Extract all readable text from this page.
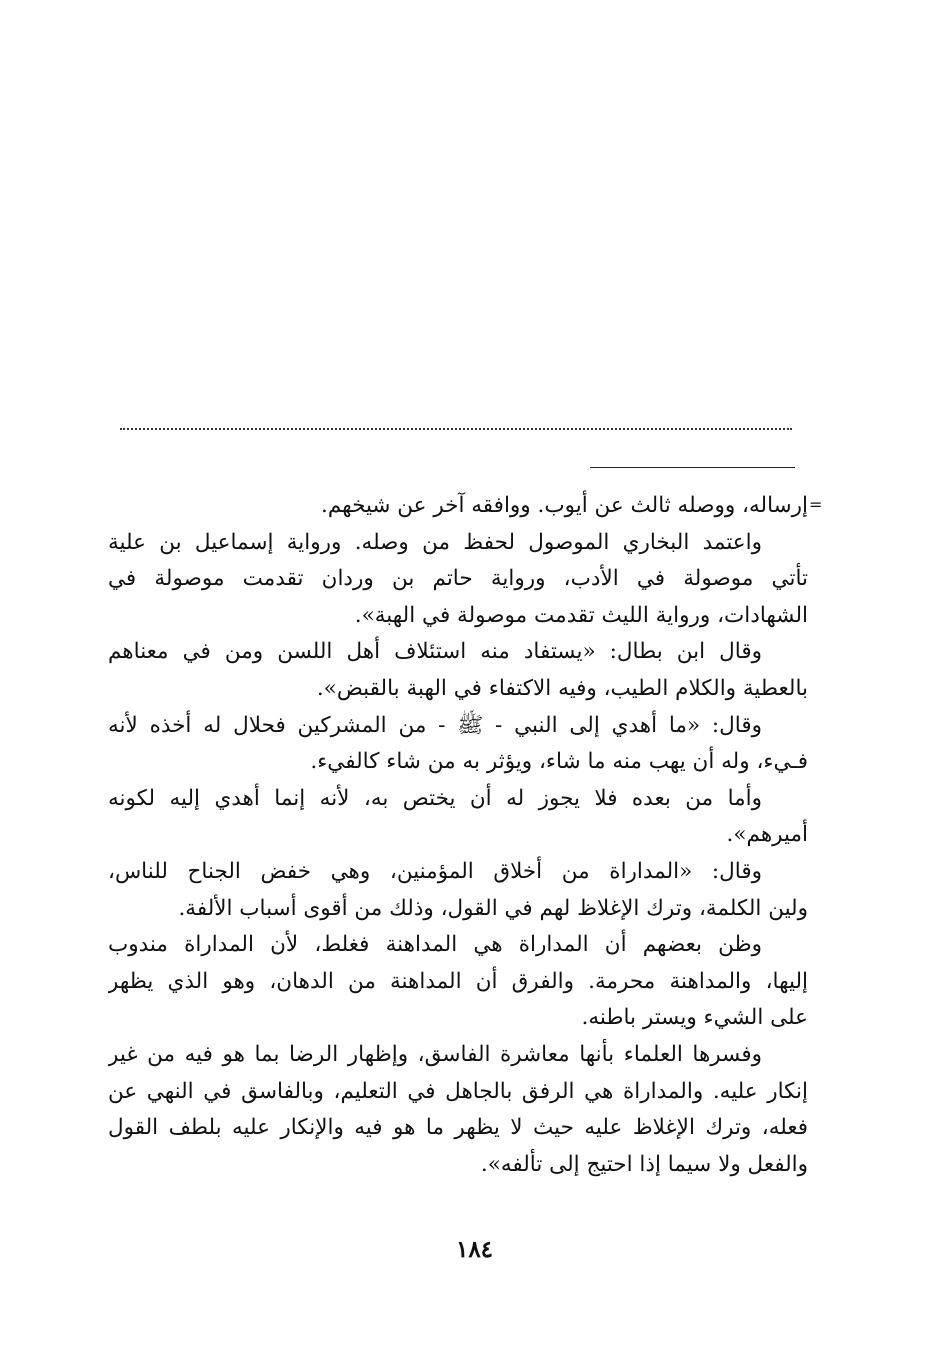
=
إرساله، ووصله ثالث عن أيوب. ووافقه آخر عن شيخهم.
واعتمد البخاري الموصول لحفظ من وصله. ورواية إسماعيل بن علية
تأتي موصولة في الأدب، ورواية حاتم بن وردان تقدمت موصولة في
الشهادات، ورواية الليث تقدمت موصولة في الهبة».
وقال ابن بطال: «يستفاد منه استئلاف أهل اللسن ومن في معناهم
بالعطية والكلام الطيب، وفيه الاكتفاء في الهبة بالقبض».
وقال: «ما أهدي إلى النبي - ﷺ - من المشركين فحلال له أخذه لأنه
فـيء، وله أن يهب منه ما شاء، ويؤثر به من شاء كالفيء.
وأما من بعده فلا يجوز له أن يختص به، لأنه إنما أهدي إليه لكونه
أميرهم».
وقال: «المداراة من أخلاق المؤمنين، وهي خفض الجناح للناس،
ولين الكلمة، وترك الإغلاظ لهم في القول، وذلك من أقوى أسباب الألفة.
وظن بعضهم أن المداراة هي المداهنة فغلط، لأن المداراة مندوب
إليها، والمداهنة محرمة. والفرق أن المداهنة من الدهان، وهو الذي يظهر
على الشيء ويستر باطنه.
وفسرها العلماء بأنها معاشرة الفاسق، وإظهار الرضا بما هو فيه من غير
إنكار عليه. والمداراة هي الرفق بالجاهل في التعليم، وبالفاسق في النهي عن
فعله، وترك الإغلاظ عليه حيث لا يظهر ما هو فيه والإنكار عليه بلطف القول
والفعل ولا سيما إذا احتيج إلى تألفه».
١٨٤
